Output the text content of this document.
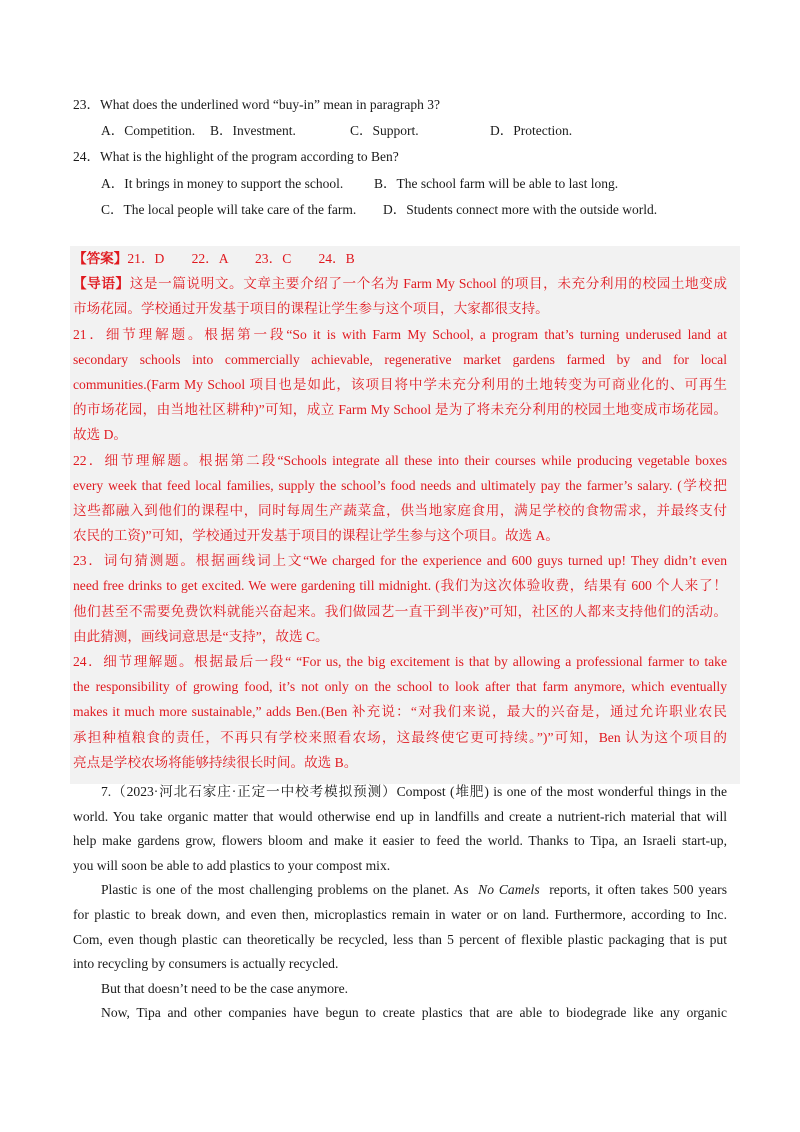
23．What does the underlined word “buy-in” mean in paragraph 3?
A．Competition. B．Investment.	C．Support.	D．Protection.
24．What is the highlight of the program according to Ben?
A．It brings in money to support the school. B．The school farm will be able to last long.
C．The local people will take care of the farm. D．Students connect more with the outside world.
【答案】21．D　　22．A　　23．C　　24．B
【导语】这是一篇说明文。文章主要介绍了一个名为 Farm My School 的项目，未充分利用的校园土地变成
市场花园。学校通过开发基于项目的课程让学生参与这个项目，大家都很支持。
21．细节理解题。根据第一段“So it is with Farm My School, a program that’s turning underused land at
secondary schools into commercially achievable, regenerative market gardens farmed by and for local
communities.(Farm My School 项目也是如此，该项目将中学未充分利用的土地转变为可商业化的、可再生
的市场花园，由当地社区耕种)”可知，成立 Farm My School 是为了将未充分利用的校园土地变成市场花园。
故选 D。
22．细节理解题。根据第二段“Schools integrate all these into their courses while producing vegetable boxes
every week that feed local families, supply the school’s food needs and ultimately pay the farmer’s salary. (学校把
这些都融入到他们的课程中，同时每周生产蔬菜盒，供当地家庭食用，满足学校的食物需求，并最终支付
农民的工资)”可知，学校通过开发基于项目的课程让学生参与这个项目。故选 A。
23．词句猜测题。根据画线词上文“We charged for the experience and 600 guys turned up! They didn’t even
need free drinks to get excited. We were gardening till midnight. (我们为这次体验收费，结果有 600 个人来了！
他们甚至不需要免费饮料就能兴奋起来。我们做园艺一直干到半夜)”可知，社区的人都来支持他们的活动。
由此猜测，画线词意思是“支持”，故选 C。
24．细节理解题。根据最后一段“ “For us, the big excitement is that by allowing a professional farmer to take
the responsibility of growing food, it’s not only on the school to look after that farm anymore, which eventually
makes it much more sustainable,” adds Ben.(Ben 补充说：“对我们来说，最大的兴奋是，通过允许职业农民
承担种植粮食的责任，不再只有学校来照看农场，这最终使它更可持续。”)”可知，Ben 认为这个项目的
亮点是学校农场将能够持续很长时间。故选 B。
7.（2023·河北石家庄·正定一中校考模拟预测）Compost (堆肥) is one of the most wonderful things in the
world. You take organic matter that would otherwise end up in landfills and create a nutrient-rich material that will
help make gardens grow, flowers bloom and make it easier to feed the world. Thanks to Tipa, an Israeli start-up,
you will soon be able to add plastics to your compost mix.
Plastic is one of the most challenging problems on the planet. As No Camels reports, it often takes 500 years
for plastic to break down, and even then, microplastics remain in water or on land. Furthermore, according to Inc.
Com, even though plastic can theoretically be recycled, less than 5 percent of flexible plastic packaging that is put
into recycling by consumers is actually recycled.
But that doesn’t need to be the case anymore.
Now, Tipa and other companies have begun to create plastics that are able to biodegrade like any organic
